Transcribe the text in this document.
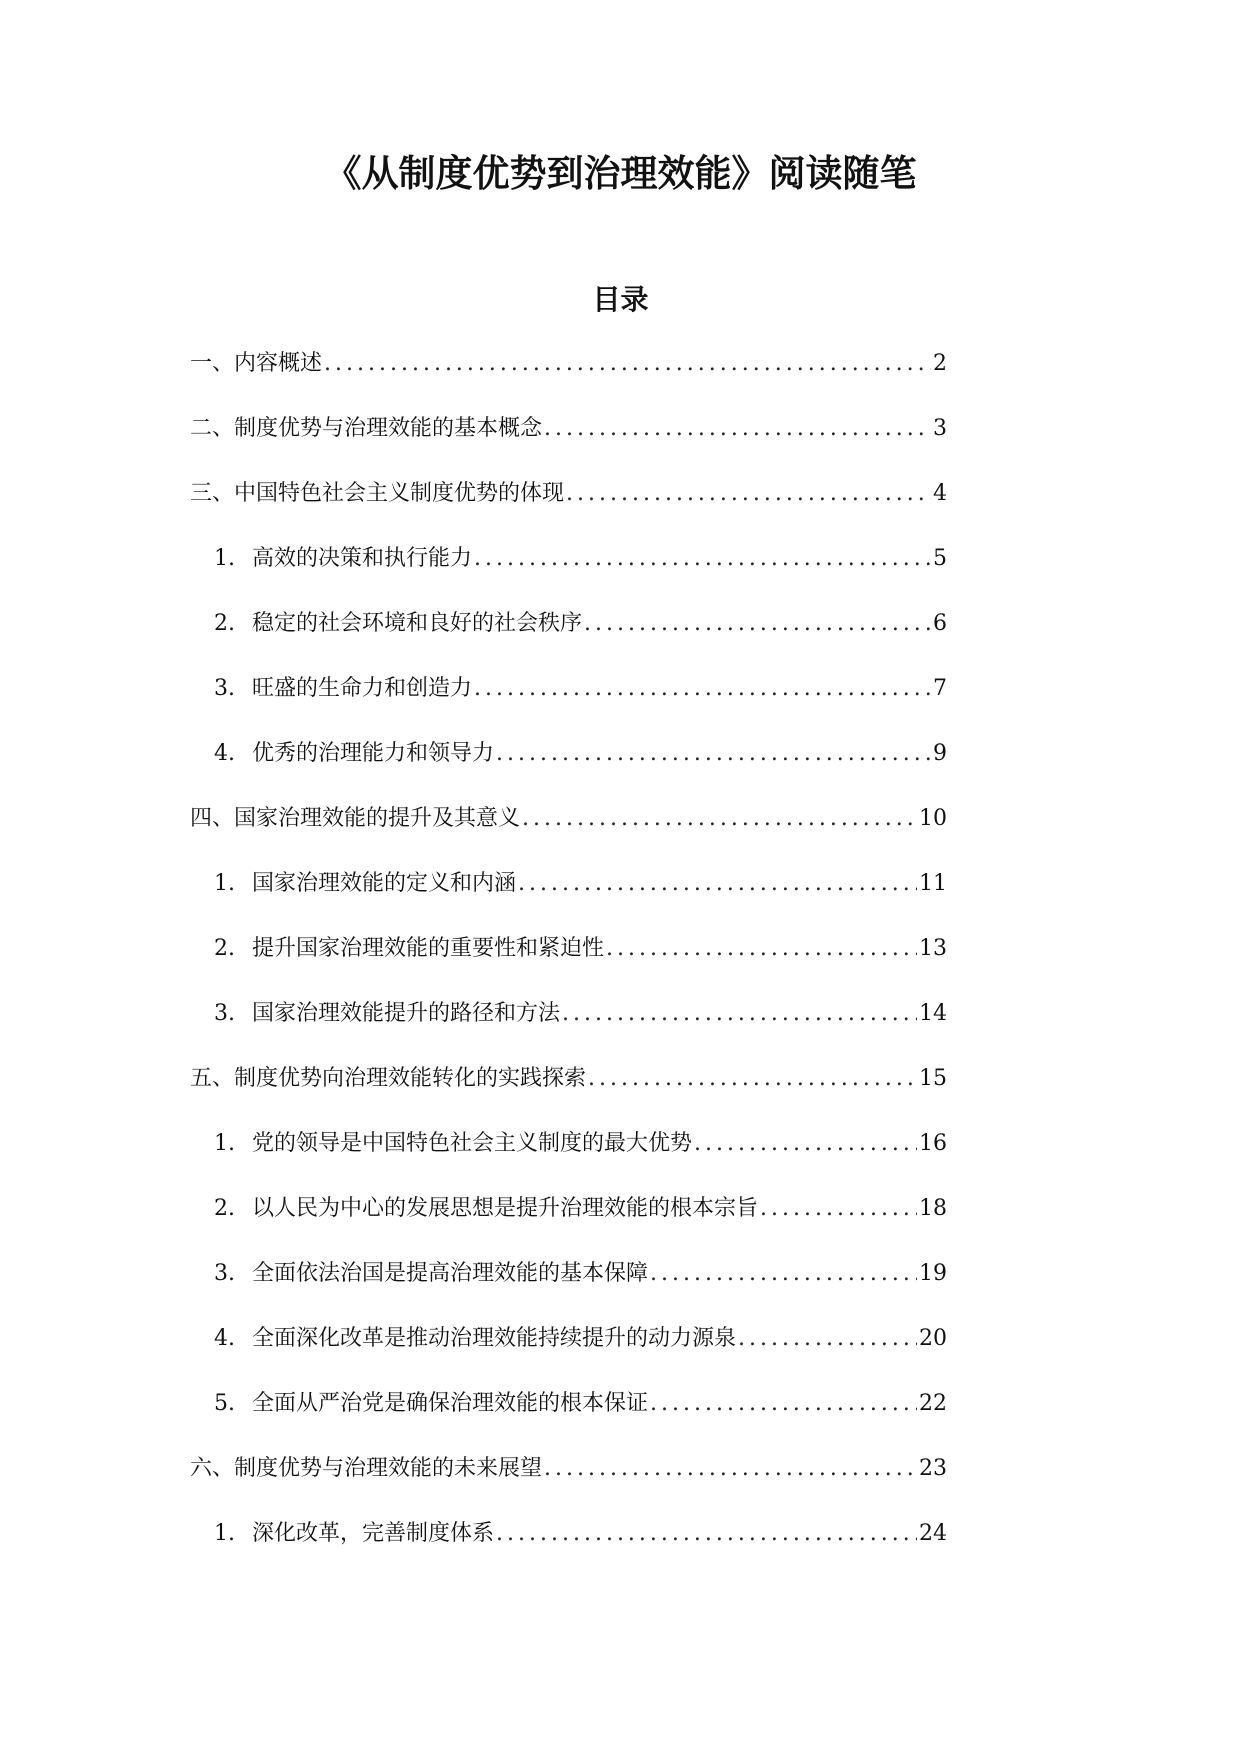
《从制度优势到治理效能》阅读随笔
目录
一、内容概述 .....	2
二、制度优势与治理效能的基本概念 .....	3
三、中国特色社会主义制度优势的体现 .....	4
1. 高效的决策和执行能力 .....	5
2. 稳定的社会环境和良好的社会秩序 .....	6
3. 旺盛的生命力和创造力 .....	7
4. 优秀的治理能力和领导力 .....	9
四、国家治理效能的提升及其意义 .....	10
1. 国家治理效能的定义和内涵 .....	11
2. 提升国家治理效能的重要性和紧迫性 .....	13
3. 国家治理效能提升的路径和方法 .....	14
五、制度优势向治理效能转化的实践探索 .....	15
1. 党的领导是中国特色社会主义制度的最大优势 .....	16
2. 以人民为中心的发展思想是提升治理效能的根本宗旨 .....	18
3. 全面依法治国是提高治理效能的基本保障 .....	19
4. 全面深化改革是推动治理效能持续提升的动力源泉 .....	20
5. 全面从严治党是确保治理效能的根本保证 .....	22
六、制度优势与治理效能的未来展望 .....	23
1. 深化改革，完善制度体系 .....	24
